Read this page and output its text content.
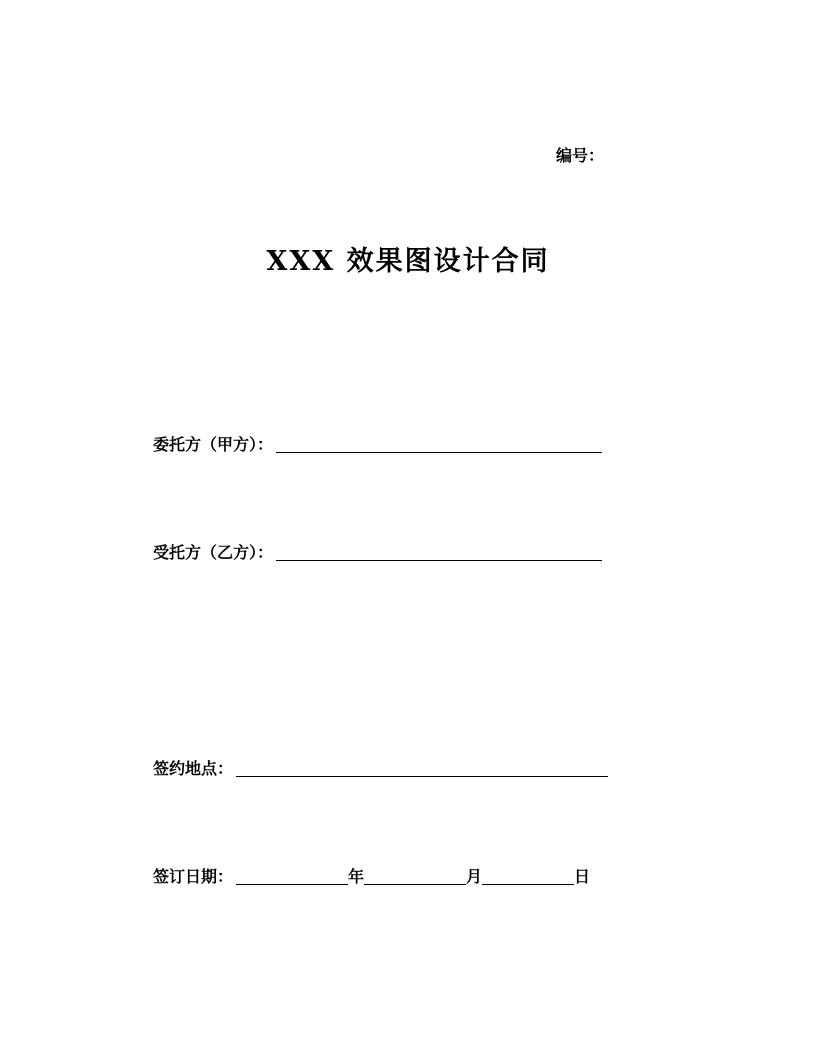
编号：
XXX 效果图设计合同
委托方（甲方）：
受托方（乙方）：
签约地点：
签订日期：	年	月	日
